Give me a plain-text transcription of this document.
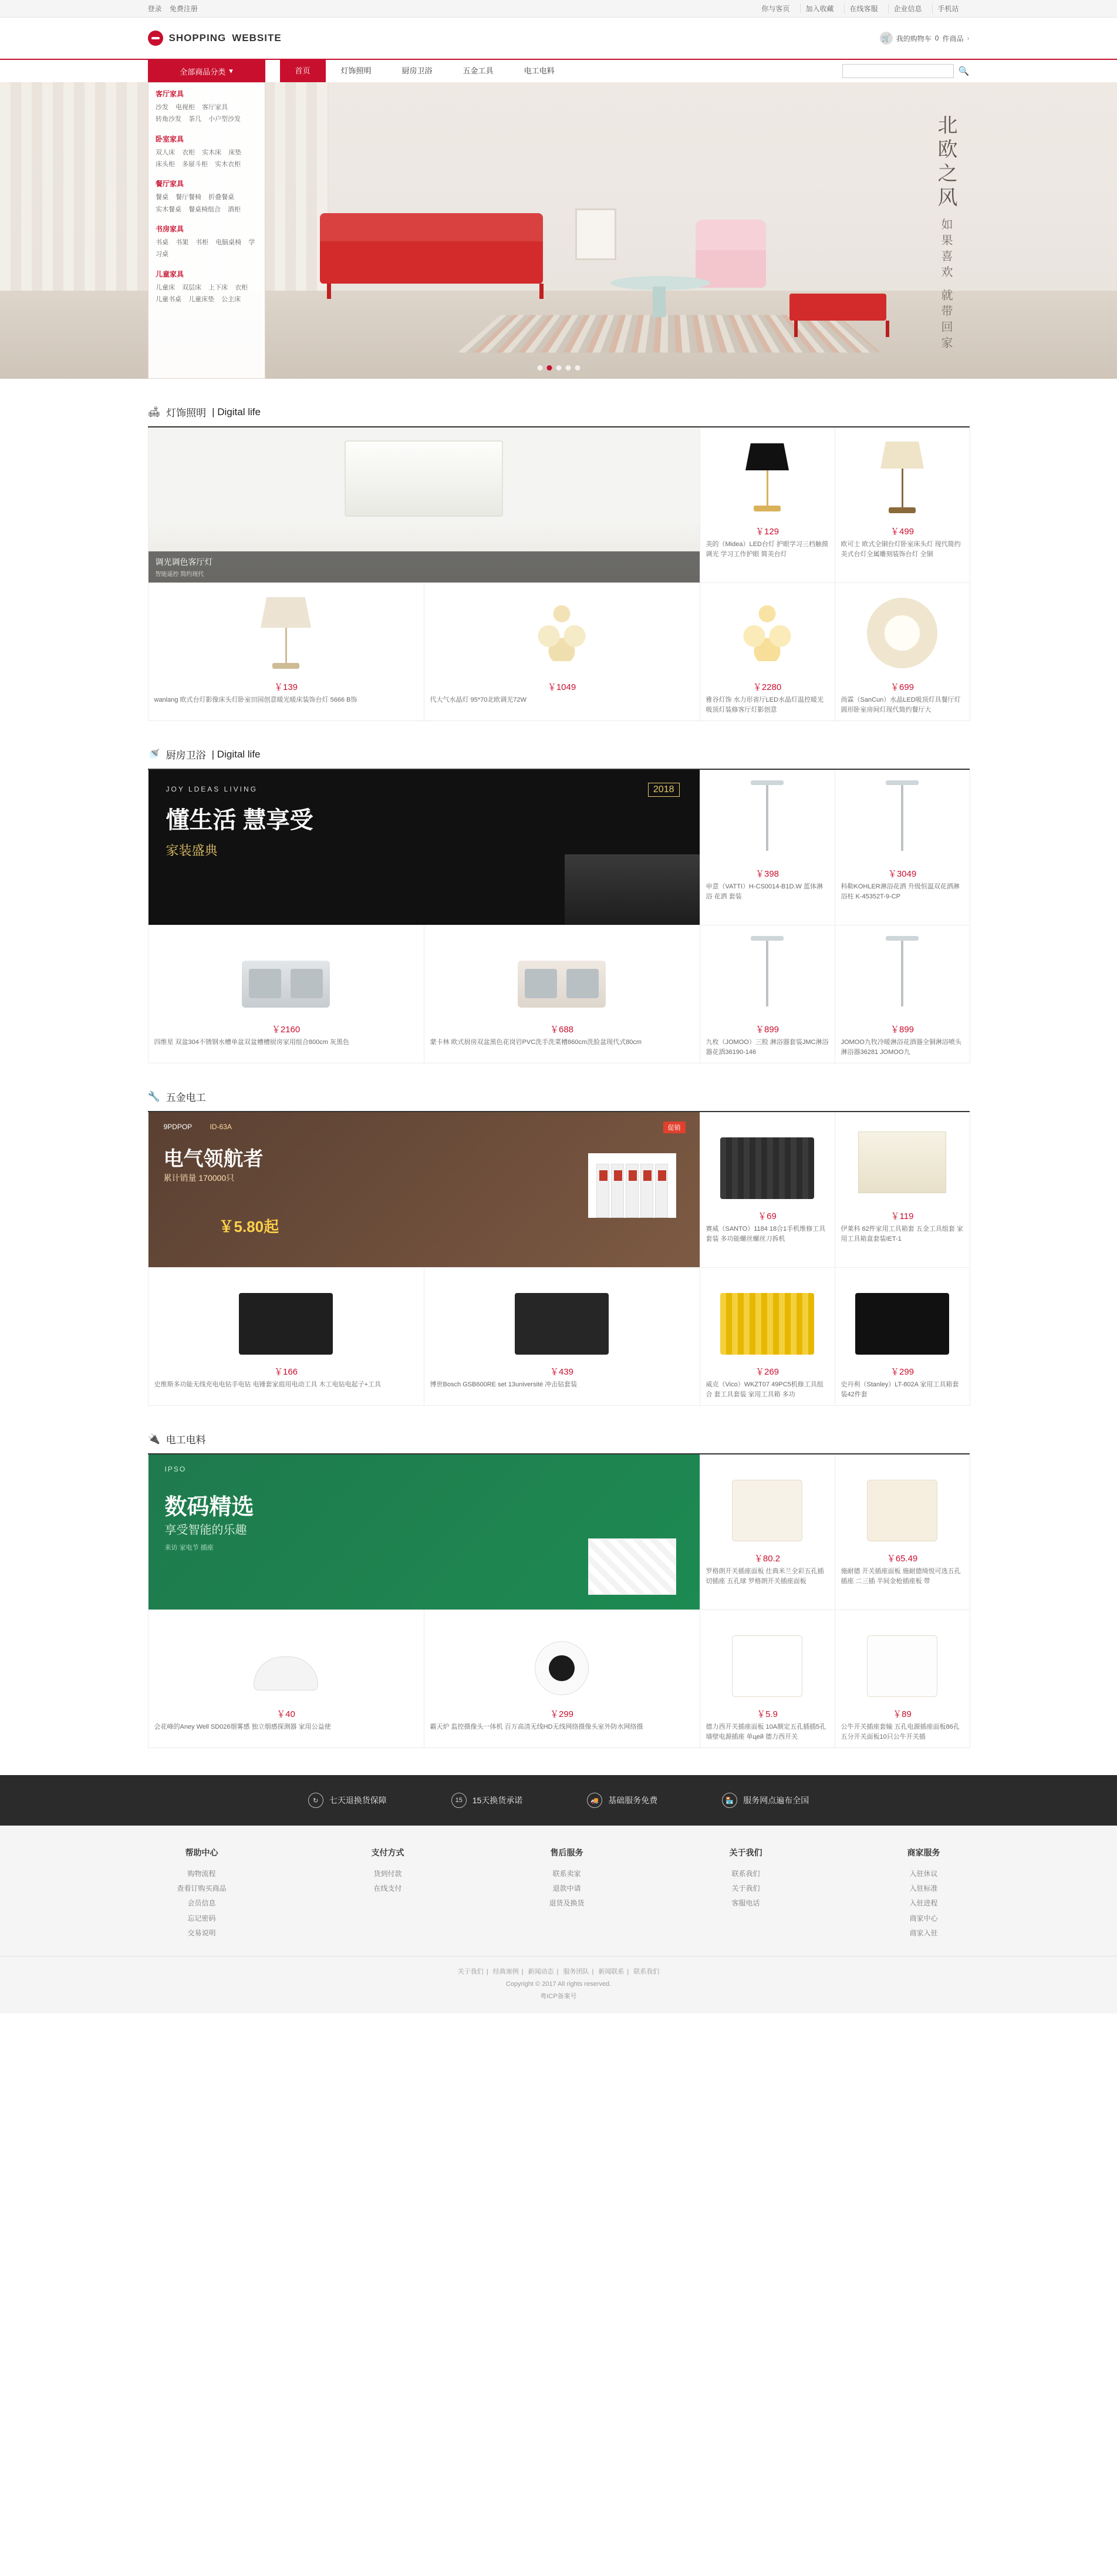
登录 免费注册	你与客页	加入收藏	在线客服	企业信息	手机站
SHOPPING WEBSITE	🛒 我的购物车 0 件商品 ›
全部商品分类 ▾	首页	灯饰照明	厨房卫浴	五金工具	电工电料	🔍
北欧之风 如果喜欢 就带回家
客厅家具
沙发 电视柜 客厅家具
转角沙发 茶几 小户型沙发
卧室家具
双人床 衣柜 实木床 床垫
床头柜 多屉斗柜 实木衣柜
餐厅家具
餐桌 餐厅餐椅 折叠餐桌
实木餐桌 餐桌椅组合 酒柜
书房家具
书桌 书架 书柜 电脑桌椅 学习桌
儿童家具
儿童床 双层床 上下床 衣柜
儿童书桌 儿童床垫 公主床
🛋 灯饰照明 | Digital life
调光调色客厅灯
智能遥控 简约现代
￥129
美的（Midea）LED台灯 护眼学习三档触摸调光 学习工作护眼 简美台灯
￥499
欧可士 欧式全铜台灯卧室床头灯 现代简约美式台灯全属雕刻装饰台灯 全铜
￥139
wanlang 欧式台灯影像床头灯卧室田园创意暖光暖床装饰台灯 5666 B饰
￥1049
代大气水晶灯 95*70北欧调光72W
￥2280
雅谷灯饰 水力形省厅LED水晶灯温控暖光吸顶灯装修客厅灯影创意
￥699
尚霖（SanCun）水晶LED吸顶灯具餐厅灯圆形卧室房间灯现代简约餐厅大
🚿 厨房卫浴 | Digital life
JOY LDEAS LIVING
懂生活 慧享受
家装盛典
2018
￥398
申意（VATTI）H-CS0014-B1D.W 蓝体淋浴 花洒 套装
￥3049
科勒KOHLER淋浴花洒 升级恒温双花洒淋浴柱 K-45352T-9-CP
￥2160
四维星 双盆304不锈钢水槽单盆双盆槽槽厨房家用组合800cm 灰黑色
￥688
蒙卡林 欧式厨房双盆黑色花岗岩PVC洗手洗菜槽860cm洗脸盆现代式80cm
￥899
九枚（JOMOO）三股 淋浴器套装JMC淋浴器花酒36190-146
￥899
JOMOO九牧冷暖淋浴花酒器全铜淋浴喷头淋浴器36281 JOMOO九
🔧 五金电工
9PDPOP	ID-63A
电气领航者
累计销量 170000只
￥5.80起
促销
￥69
赛威（SANTO）1184 18合1手机维修工具套装 多功能螺丝螺丝刀拆机
￥119
伊莱科 62件家用工具箱套 五金工具组套 家用工具箱盒套装IET-1
￥166
史维斯多功能无线充电电钻手电钻 电锤套家庭用电动工具 木工电钻电起子+工具
￥439
博世Bosch GSB600RE set 13université 冲击钻套装
￥269
威克（Vico）WKZT07 49PC5机修工具组合 套工具套装 家用工具箱 多功
￥299
史丹利（Stanley）LT-802A 家用工具箱套装42件套
🔌 电工电料
IPSO
数码精选
享受智能的乐趣
来访 家电节 插座
￥80.2
罗格朗开关插座面板 仕典米兰全彩五孔插切插座 五孔球 罗格朗开关插座面板
￥65.49
施耐德 开关插座面板 施耐德绮悦可选五孔插座 二三插 半间金枪插座板 带
￥40
会花峰的Aney Well SD026烟雾感 独立烟感探测器 家用公益使
￥299
霸天炉 监控摄像头一体机 百万高清无线HD无线网络摄像头室外防水网络摄
￥5.9
德力西开关插座面板 10A额定五孔插插5孔墙壁电源插座 单цей 德力西开关
￥89
公牛开关插座套输 五孔电源插座面板86孔五分开关面板10只公牛开关插
↻	七天退换货保障	15	15天换货承诺	🚚	基础服务免费	🏪	服务网点遍布全国
帮助中心
购物流程
查看订购买商品
会员信息
忘记密码
交易说明
支付方式
货到付款
在线支付
售后服务
联系卖家
退款中请
退货及换货
关于我们
联系我们
关于我们
客服电话
商家服务
入驻休议
入驻标准
入驻进程
商家中心
商家入驻
关于我们 | 经典塞例 | 新闻动态 | 服务团队 | 新闻联系 | 联系我们
Copyright © 2017 All rights reserved.
粤ICP备案号
